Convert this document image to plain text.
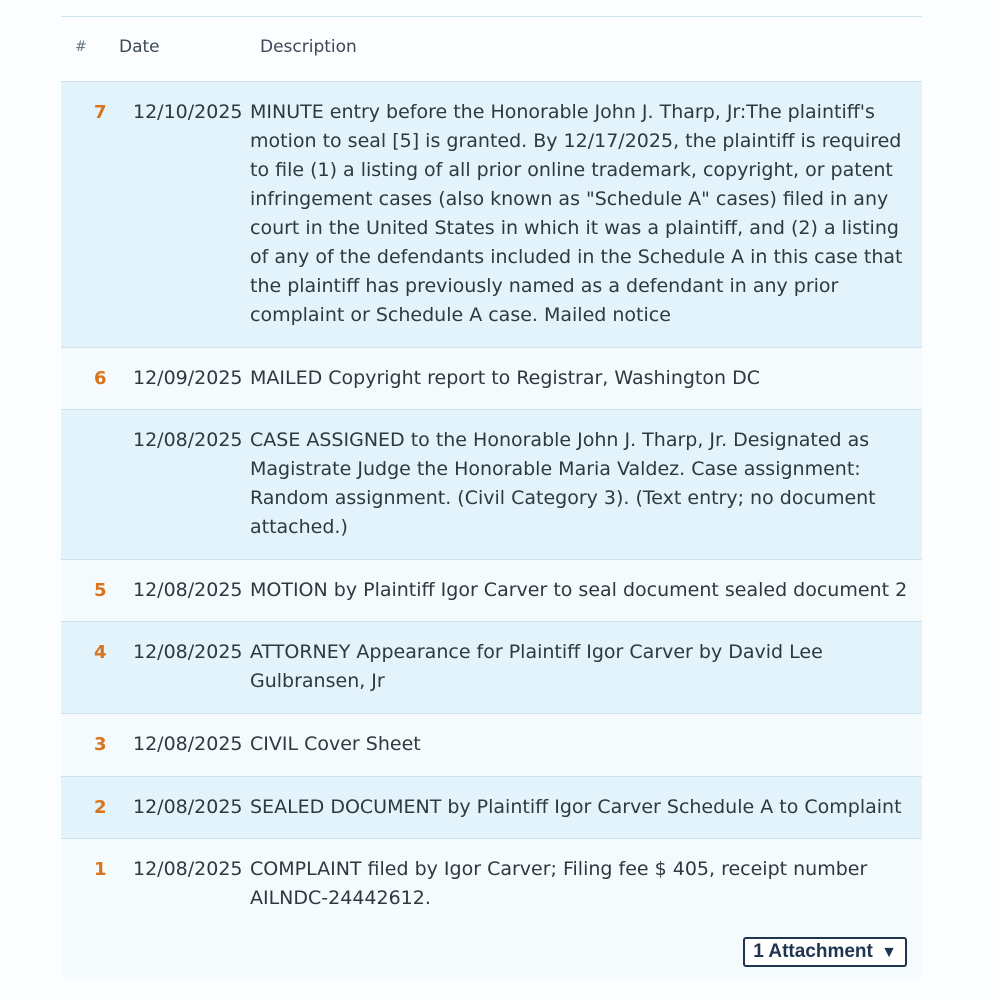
# Date	Description
7 12/10/2025 MINUTE entry before the Honorable John J. Tharp, Jr:The plaintiff's motion to seal [5] is granted. By 12/17/2025, the plaintiff is required to file (1) a listing of all prior online trademark, copyright, or patent infringement cases (also known as "Schedule A" cases) filed in any court in the United States in which it was a plaintiff, and (2) a listing of any of the defendants included in the Schedule A in this case that the plaintiff has previously named as a defendant in any prior complaint or Schedule A case. Mailed notice
6 12/09/2025 MAILED Copyright report to Registrar, Washington DC
12/08/2025 CASE ASSIGNED to the Honorable John J. Tharp, Jr. Designated as Magistrate Judge the Honorable Maria Valdez. Case assignment: Random assignment. (Civil Category 3). (Text entry; no document attached.)
5 12/08/2025 MOTION by Plaintiff Igor Carver to seal document sealed document 2
4 12/08/2025 ATTORNEY Appearance for Plaintiff Igor Carver by David Lee Gulbransen, Jr
3 12/08/2025 CIVIL Cover Sheet
2 12/08/2025 SEALED DOCUMENT by Plaintiff Igor Carver Schedule A to Complaint
1 12/08/2025 COMPLAINT filed by Igor Carver; Filing fee $ 405, receipt number AILNDC-24442612.
1 Attachment ▼
